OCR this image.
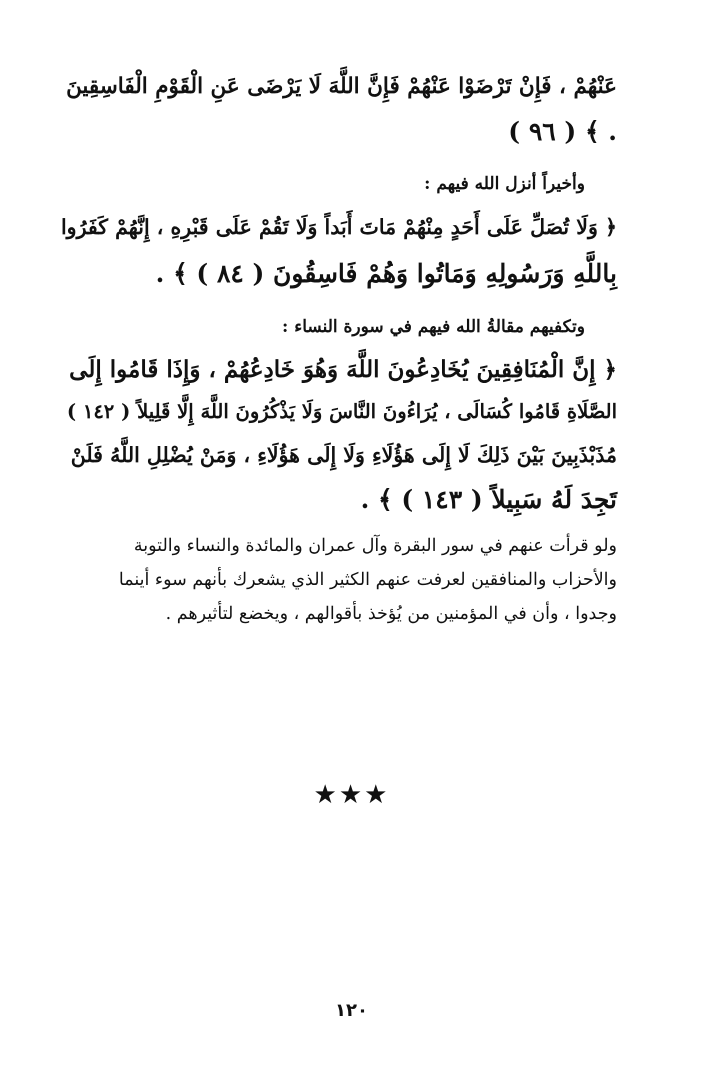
عَنْهُمْ ، فَإِنْ تَرْضَوْا عَنْهُمْ فَإِنَّ اللَّهَ لَا يَرْضَى عَنِ الْقَوْمِ الْفَاسِقِينَ
( ٩٦ ) ﴾ .
وأخيراً أنزل الله فيهم :
﴿ وَلَا تُصَلِّ عَلَى أَحَدٍ مِنْهُمْ مَاتَ أَبَداً وَلَا تَقُمْ عَلَى قَبْرِهِ ، إِنَّهُمْ كَفَرُوا
بِاللَّهِ وَرَسُولِهِ وَمَاتُوا وَهُمْ فَاسِقُونَ ( ٨٤ ) ﴾ .
وتكفيهم مقالةُ الله فيهم في سورة النساء :
﴿ إِنَّ الْمُنَافِقِينَ يُخَادِعُونَ اللَّهَ وَهُوَ خَادِعُهُمْ ، وَإِذَا قَامُوا إِلَى
الصَّلَاةِ قَامُوا كُسَالَى ، يُرَاءُونَ النَّاسَ وَلَا يَذْكُرُونَ اللَّهَ إِلَّا قَلِيلاً ( ١٤٢ )
مُذَبْذَبِينَ بَيْنَ ذَلِكَ لَا إِلَى هَؤُلَاءِ وَلَا إِلَى هَؤُلَاءِ ، وَمَنْ يُضْلِلِ اللَّهُ فَلَنْ
تَجِدَ لَهُ سَبِيلاً ( ١٤٣ ) ﴾ .
ولو قرأت عنهم في سور البقرة وآل عمران والمائدة والنساء والتوبة
والأحزاب والمنافقين لعرفت عنهم الكثير الذي يشعرك بأنهم سوء أينما
وجدوا ، وأن في المؤمنين من يُؤخذ بأقوالهم ، ويخضع لتأثيرهم .
★★★
١٢٠
